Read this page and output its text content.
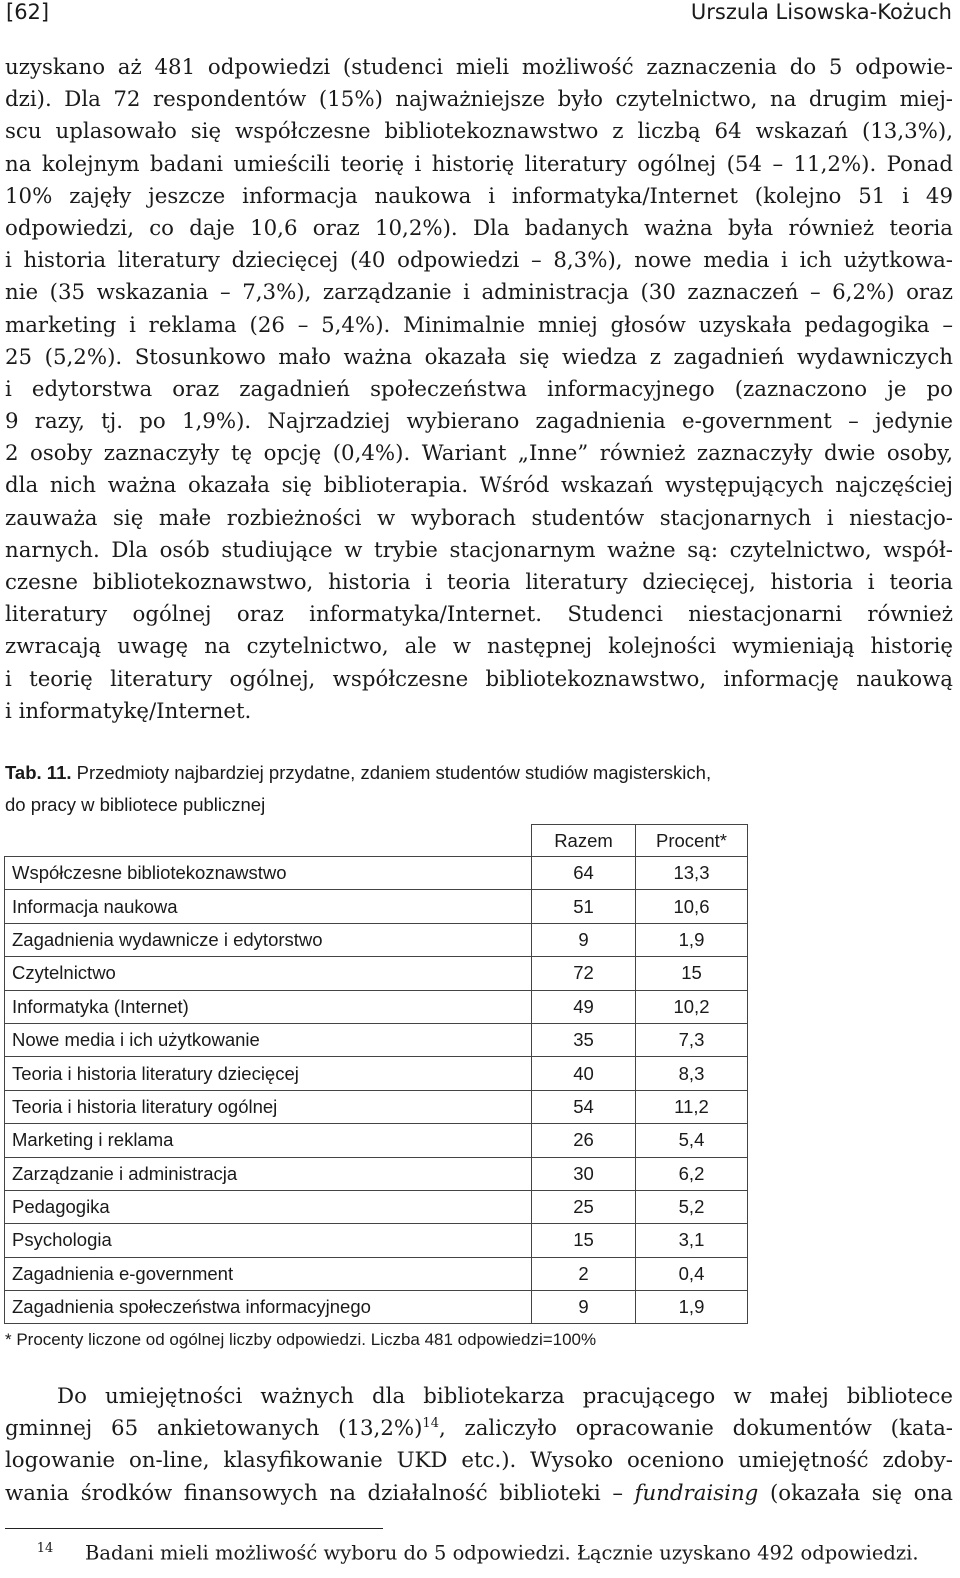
[62]	Urszula Lisowska-Kożuch
uzyskano aż 481 odpowiedzi (studenci mieli możliwość zaznaczenia do 5 odpowie-
dzi). Dla 72 respondentów (15%) najważniejsze było czytelnictwo, na drugim miej-
scu uplasowało się współczesne bibliotekoznawstwo z liczbą 64 wskazań (13,3%),
na kolejnym badani umieścili teorię i historię literatury ogólnej (54 – 11,2%). Ponad
10% zajęły jeszcze informacja naukowa i informatyka/Internet (kolejno 51 i 49
odpowiedzi, co daje 10,6 oraz 10,2%). Dla badanych ważna była również teoria
i historia literatury dziecięcej (40 odpowiedzi – 8,3%), nowe media i ich użytkowa-
nie (35 wskazania – 7,3%), zarządzanie i administracja (30 zaznaczeń – 6,2%) oraz
marketing i reklama (26 – 5,4%). Minimalnie mniej głosów uzyskała pedagogika –
25 (5,2%). Stosunkowo mało ważna okazała się wiedza z zagadnień wydawniczych
i edytorstwa oraz zagadnień społeczeństwa informacyjnego (zaznaczono je po
9 razy, tj. po 1,9%). Najrzadziej wybierano zagadnienia e-government – jedynie
2 osoby zaznaczyły tę opcję (0,4%). Wariant „Inne” również zaznaczyły dwie osoby,
dla nich ważna okazała się biblioterapia. Wśród wskazań występujących najczęściej
zauważa się małe rozbieżności w wyborach studentów stacjonarnych i niestacjo-
narnych. Dla osób studiujące w trybie stacjonarnym ważne są: czytelnictwo, współ-
czesne bibliotekoznawstwo, historia i teoria literatury dziecięcej, historia i teoria
literatury ogólnej oraz informatyka/Internet. Studenci niestacjonarni również
zwracają uwagę na czytelnictwo, ale w następnej kolejności wymieniają historię
i teorię literatury ogólnej, współczesne bibliotekoznawstwo, informację naukową
i informatykę/Internet.
Tab. 11. Przedmioty najbardziej przydatne, zdaniem studentów studiów magisterskich,
do pracy w bibliotece publicznej
	Razem	Procent*
Współczesne bibliotekoznawstwo	64	13,3
Informacja naukowa	51	10,6
Zagadnienia wydawnicze i edytorstwo	9	1,9
Czytelnictwo	72	15
Informatyka (Internet)	49	10,2
Nowe media i ich użytkowanie	35	7,3
Teoria i historia literatury dziecięcej	40	8,3
Teoria i historia literatury ogólnej	54	11,2
Marketing i reklama	26	5,4
Zarządzanie i administracja	30	6,2
Pedagogika	25	5,2
Psychologia	15	3,1
Zagadnienia e-government	2	0,4
Zagadnienia społeczeństwa informacyjnego	9	1,9
* Procenty liczone od ogólnej liczby odpowiedzi. Liczba 481 odpowiedzi=100%
Do umiejętności ważnych dla bibliotekarza pracującego w małej bibliotece
gminnej 65 ankietowanych (13,2%)$^{14}$, zaliczyło opracowanie dokumentów (kata-
logowanie on-line, klasyfikowanie UKD etc.). Wysoko oceniono umiejętność zdoby-
wania środków finansowych na działalność biblioteki – fundraising (okazała się ona
14 Badani mieli możliwość wyboru do 5 odpowiedzi. Łącznie uzyskano 492 odpowiedzi.
